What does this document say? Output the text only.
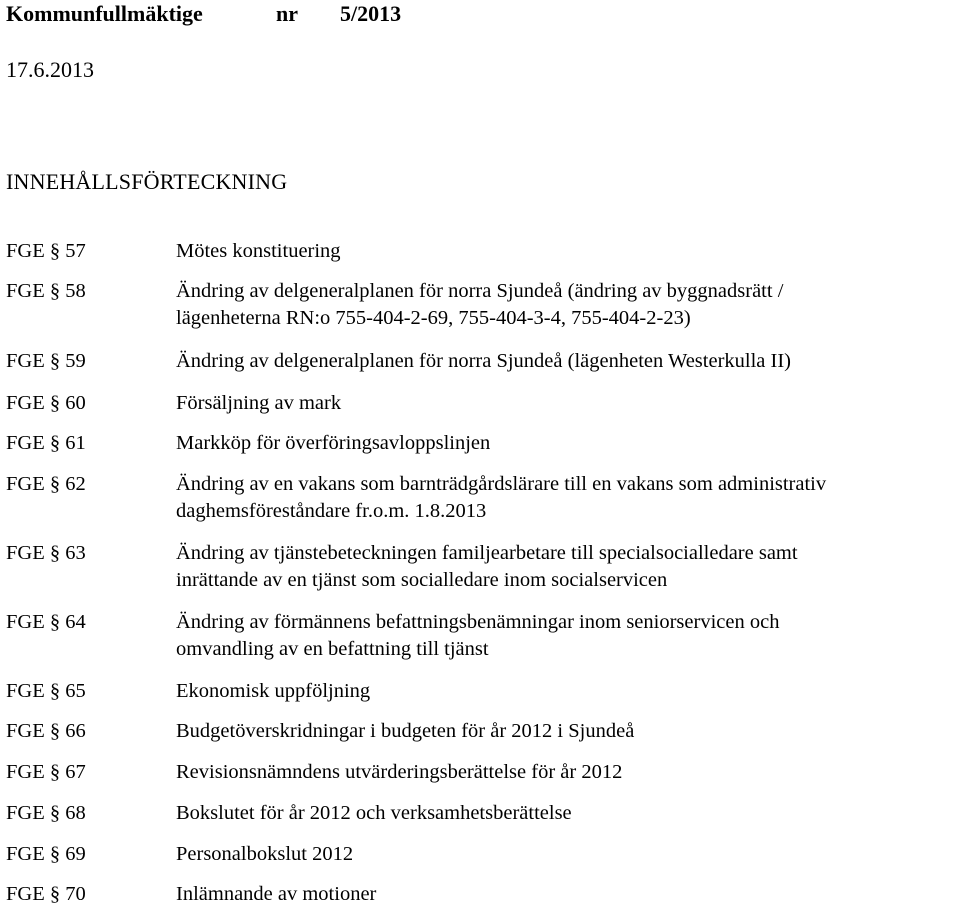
Kommunfullmäktige	nr 5/2013
17.6.2013
INNEHÅLLSFÖRTECKNING
FGE § 57	Mötes konstituering
FGE § 58	Ändring av delgeneralplanen för norra Sjundeå (ändring av byggnadsrätt /
lägenheterna RN:o 755-404-2-69, 755-404-3-4, 755-404-2-23)
FGE § 59	Ändring av delgeneralplanen för norra Sjundeå (lägenheten Westerkulla II)
FGE § 60	Försäljning av mark
FGE § 61	Markköp för överföringsavloppslinjen
FGE § 62	Ändring av en vakans som barnträdgårdslärare till en vakans som administrativ
daghemsföreståndare fr.o.m. 1.8.2013
FGE § 63	Ändring av tjänstebeteckningen familjearbetare till specialsocialledare samt
inrättande av en tjänst som socialledare inom socialservicen
FGE § 64	Ändring av förmännens befattningsbenämningar inom seniorservicen och
omvandling av en befattning till tjänst
FGE § 65	Ekonomisk uppföljning
FGE § 66	Budgetöverskridningar i budgeten för år 2012 i Sjundeå
FGE § 67	Revisionsnämndens utvärderingsberättelse för år 2012
FGE § 68	Bokslutet för år 2012 och verksamhetsberättelse
FGE § 69	Personalbokslut 2012
FGE § 70	Inlämnande av motioner
